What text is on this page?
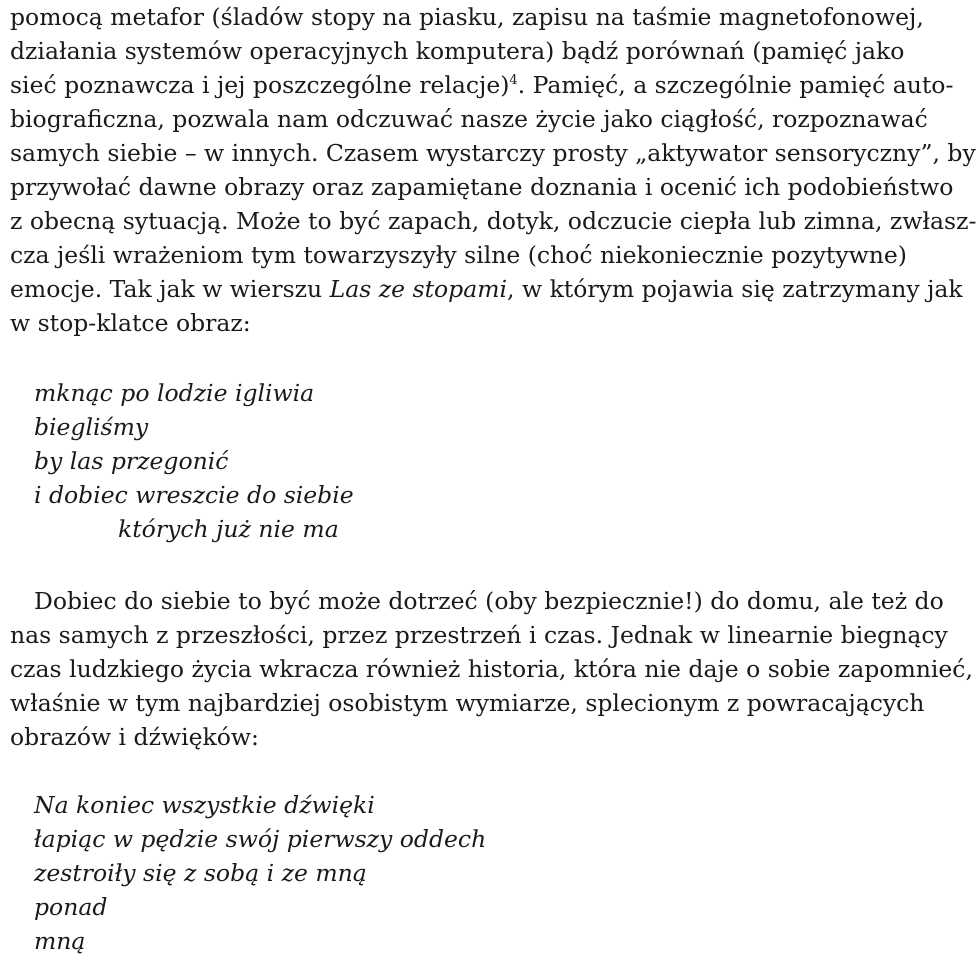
pomocą metafor (śladów stopy na piasku, zapisu na taśmie magnetofonowej,
działania systemów operacyjnych komputera) bądź porównań (pamięć jako
sieć poznawcza i jej poszczególne relacje)$^4$. Pamięć, a szczególnie pamięć auto-
biograficzna, pozwala nam odczuwać nasze życie jako ciągłość, rozpoznawać
samych siebie – w innych. Czasem wystarczy prosty „aktywator sensoryczny”, by
przywołać dawne obrazy oraz zapamiętane doznania i ocenić ich podobieństwo
z obecną sytuacją. Może to być zapach, dotyk, odczucie ciepła lub zimna, zwłasz-
cza jeśli wrażeniom tym towarzyszyły silne (choć niekoniecznie pozytywne)
emocje. Tak jak w wierszu Las ze stopami, w którym pojawia się zatrzymany jak
w stop-klatce obraz:
mknąc po lodzie igliwia
biegliśmy
by las przegonić
i dobiec wreszcie do siebie
których już nie ma
Dobiec do siebie to być może dotrzeć (oby bezpiecznie!) do domu, ale też do
nas samych z przeszłości, przez przestrzeń i czas. Jednak w linearnie biegnący
czas ludzkiego życia wkracza również historia, która nie daje o sobie zapomnieć,
właśnie w tym najbardziej osobistym wymiarze, splecionym z powracających
obrazów i dźwięków:
Na koniec wszystkie dźwięki
łapiąc w pędzie swój pierwszy oddech
zestroiły się z sobą i ze mną
ponad
mną
